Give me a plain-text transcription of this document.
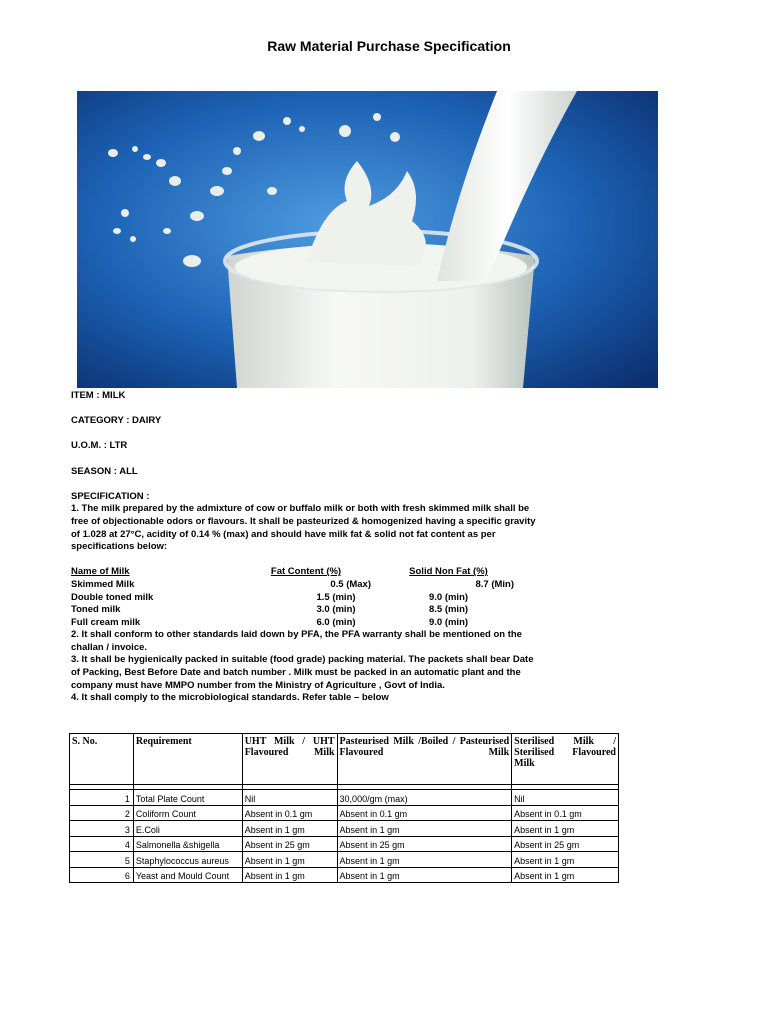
Raw Material Purchase Specification
ITEM : MILK
CATEGORY : DAIRY
U.O.M. : LTR
SEASON : ALL
SPECIFICATION :

1. The milk prepared by the admixture of cow or buffalo milk or both with fresh skimmed milk shall be free of objectionable odors or flavours. It shall be pasteurized & homogenized having a specific gravity of 1.028 at 27°C, acidity of 0.14 % (max) and should have milk fat & solid not fat content as per specifications below:

Name of Milk	Fat Content (%)	Solid Non Fat (%)
Skimmed Milk	0.5 (Max)	8.7 (Min)
Double toned milk	1.5 (min)	9.0 (min)
Toned milk	3.0 (min)	8.5 (min)
Full cream milk	6.0 (min)	9.0 (min)

2. It shall conform to other standards laid down by PFA, the PFA warranty shall be mentioned on the challan / invoice.

3. It shall be hygienically packed in suitable (food grade) packing material. The packets shall bear Date of Packing, Best Before Date and batch number . Milk must be packed in an automatic plant and the company must have MMPO number from the Ministry of Agriculture , Govt of India.

4. It shall comply to the microbiological standards. Refer table – below

S. No.	Requirement	UHT Milk / UHT Flavoured Milk	Pasteurised Milk /Boiled / Pasteurised Flavoured Milk	Sterilised Milk / Sterilised Flavoured Milk

1	Total Plate Count	Nil	30,000/gm (max)	Nil
2	Coliform Count	Absent in 0.1 gm	Absent in 0.1 gm	Absent in 0.1 gm
3	E.Coli	Absent in 1 gm	Absent in 1 gm	Absent in 1 gm
4	Salmonella &shigella	Absent in 25 gm	Absent in 25 gm	Absent in 25 gm
5	Staphylococcus aureus	Absent in 1 gm	Absent in 1 gm	Absent in 1 gm
6	Yeast and Mould Count	Absent in 1 gm	Absent in 1 gm	Absent in 1 gm
